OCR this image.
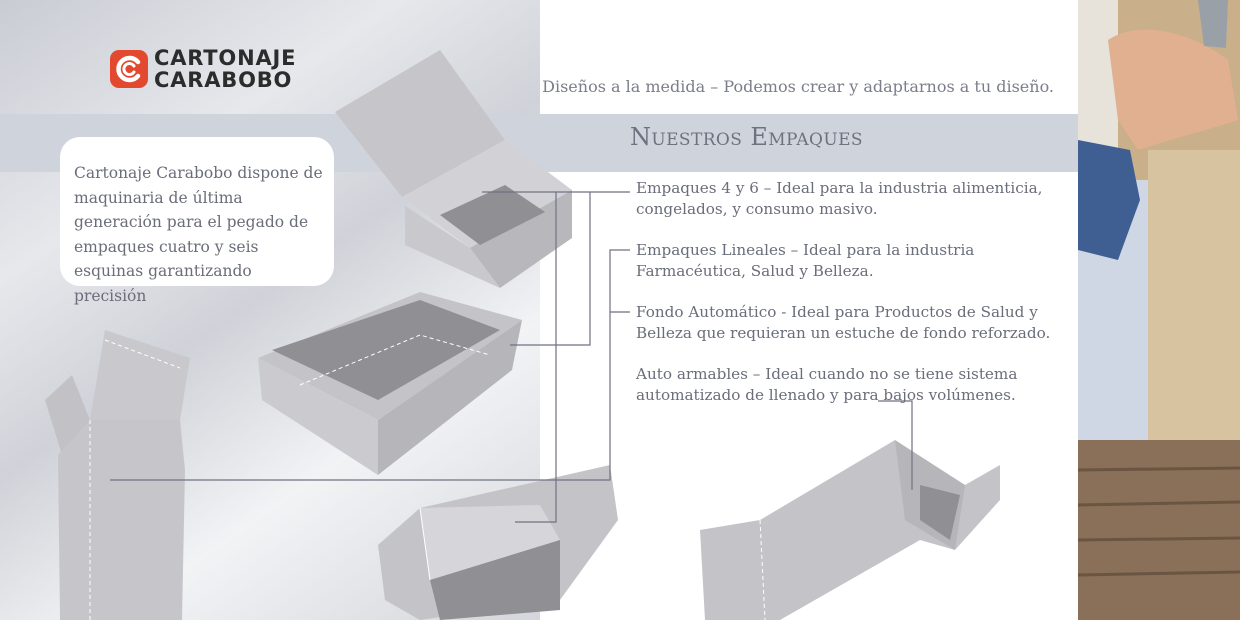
CARTONAJE
CARABOBO
Cartonaje Carabobo dispone de maquinaria de última generación para el pegado de empaques cuatro y seis esquinas garantizando precisión
Diseños a la medida – Podemos crear y adaptarnos a tu diseño.
Nuestros Empaques
Empaques 4 y 6 – Ideal para la industria alimenticia, congelados, y consumo masivo.
Empaques Lineales – Ideal para la industria Farmacéutica, Salud y Belleza.
Fondo Automático - Ideal para Productos de Salud y Belleza que requieran un estuche de fondo reforzado.
Auto armables – Ideal cuando no se tiene sistema automatizado de llenado y para bajos volúmenes.
